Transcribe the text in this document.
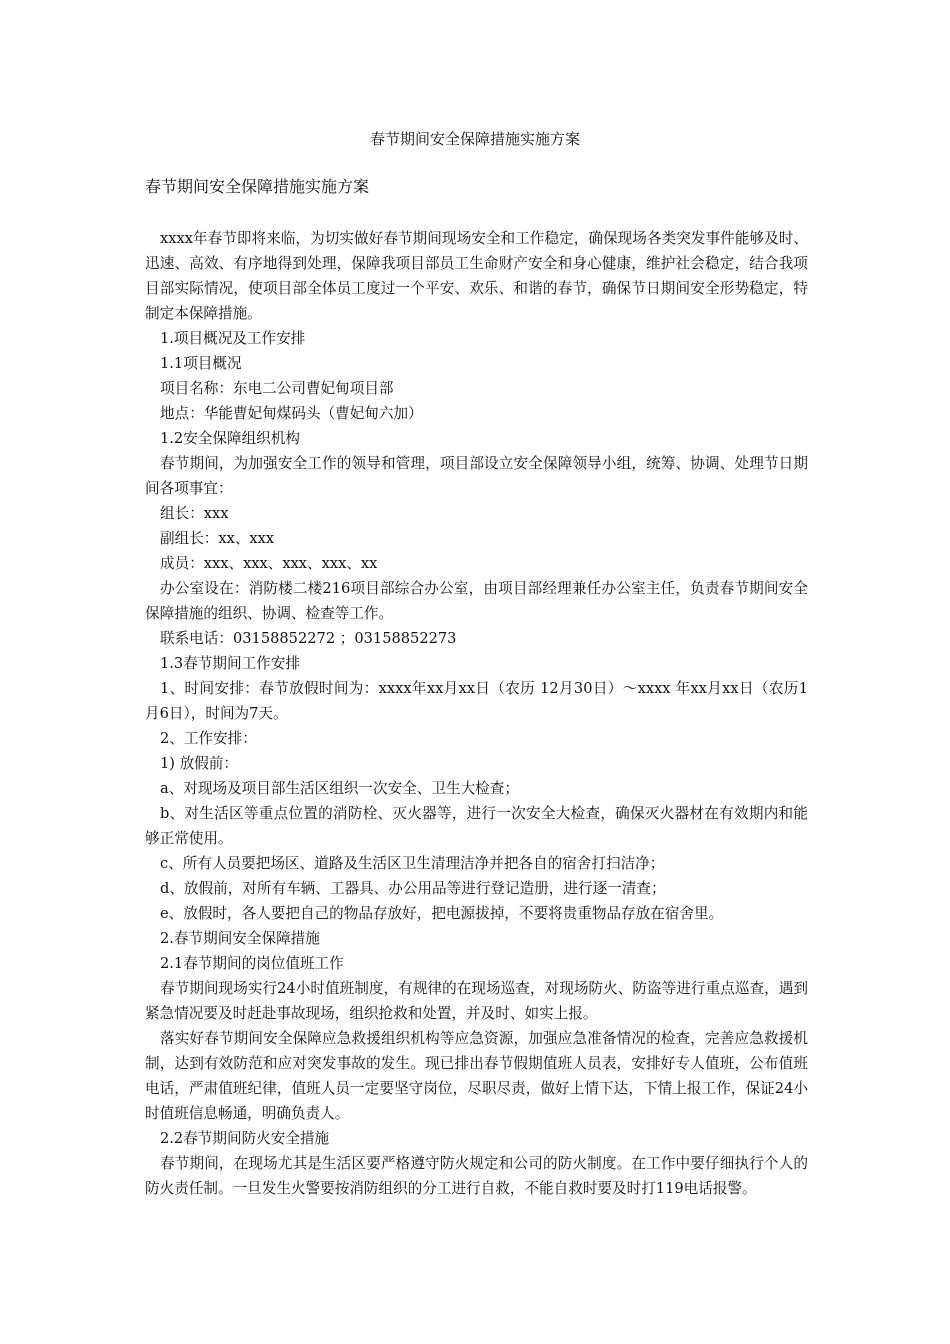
春节期间安全保障措施实施方案
春节期间安全保障措施实施方案

xxxx年春节即将来临，为切实做好春节期间现场安全和工作稳定，确保现场各类突发事件能够及时、迅速、高效、有序地得到处理，保障我项目部员工生命财产安全和身心健康，维护社会稳定，结合我项目部实际情况，使项目部全体员工度过一个平安、欢乐、和谐的春节，确保节日期间安全形势稳定，特制定本保障措施。

1.项目概况及工作安排

1.1项目概况

项目名称：东电二公司曹妃甸项目部

地点：华能曹妃甸煤码头（曹妃甸六加）

1.2安全保障组织机构

春节期间，为加强安全工作的领导和管理，项目部设立安全保障领导小组，统筹、协调、处理节日期间各项事宜：

组长：xxx

副组长：xx、xxx

成员：xxx、xxx、xxx、xxx、xx

办公室设在：消防楼二楼216项目部综合办公室，由项目部经理兼任办公室主任，负责春节期间安全保障措施的组织、协调、检查等工作。

联系电话：03158852272 ；03158852273

1.3春节期间工作安排

1、时间安排：春节放假时间为：xxxx年xx月xx日（农历 12月30日）～xxxx 年xx月xx日（农历1月6日），时间为7天。

2、工作安排：

1) 放假前：

a、对现场及项目部生活区组织一次安全、卫生大检查；

b、对生活区等重点位置的消防栓、灭火器等，进行一次安全大检查，确保灭火器材在有效期内和能够正常使用。

c、所有人员要把场区、道路及生活区卫生清理洁净并把各自的宿舍打扫洁净；

d、放假前，对所有车辆、工器具、办公用品等进行登记造册，进行逐一清查；

e、放假时，各人要把自己的物品存放好，把电源拔掉，不要将贵重物品存放在宿舍里。

2.春节期间安全保障措施

2.1春节期间的岗位值班工作

春节期间现场实行24小时值班制度，有规律的在现场巡查，对现场防火、防盗等进行重点巡查，遇到紧急情况要及时赶赴事故现场，组织抢救和处置，并及时、如实上报。

落实好春节期间安全保障应急救援组织机构等应急资源，加强应急准备情况的检查，完善应急救援机制，达到有效防范和应对突发事故的发生。现已排出春节假期值班人员表，安排好专人值班，公布值班电话，严肃值班纪律，值班人员一定要坚守岗位，尽职尽责，做好上情下达，下情上报工作，保证24小时值班信息畅通，明确负责人。

2.2春节期间防火安全措施

春节期间，在现场尤其是生活区要严格遵守防火规定和公司的防火制度。在工作中要仔细执行个人的防火责任制。一旦发生火警要按消防组织的分工进行自救，不能自救时要及时打119电话报警。
